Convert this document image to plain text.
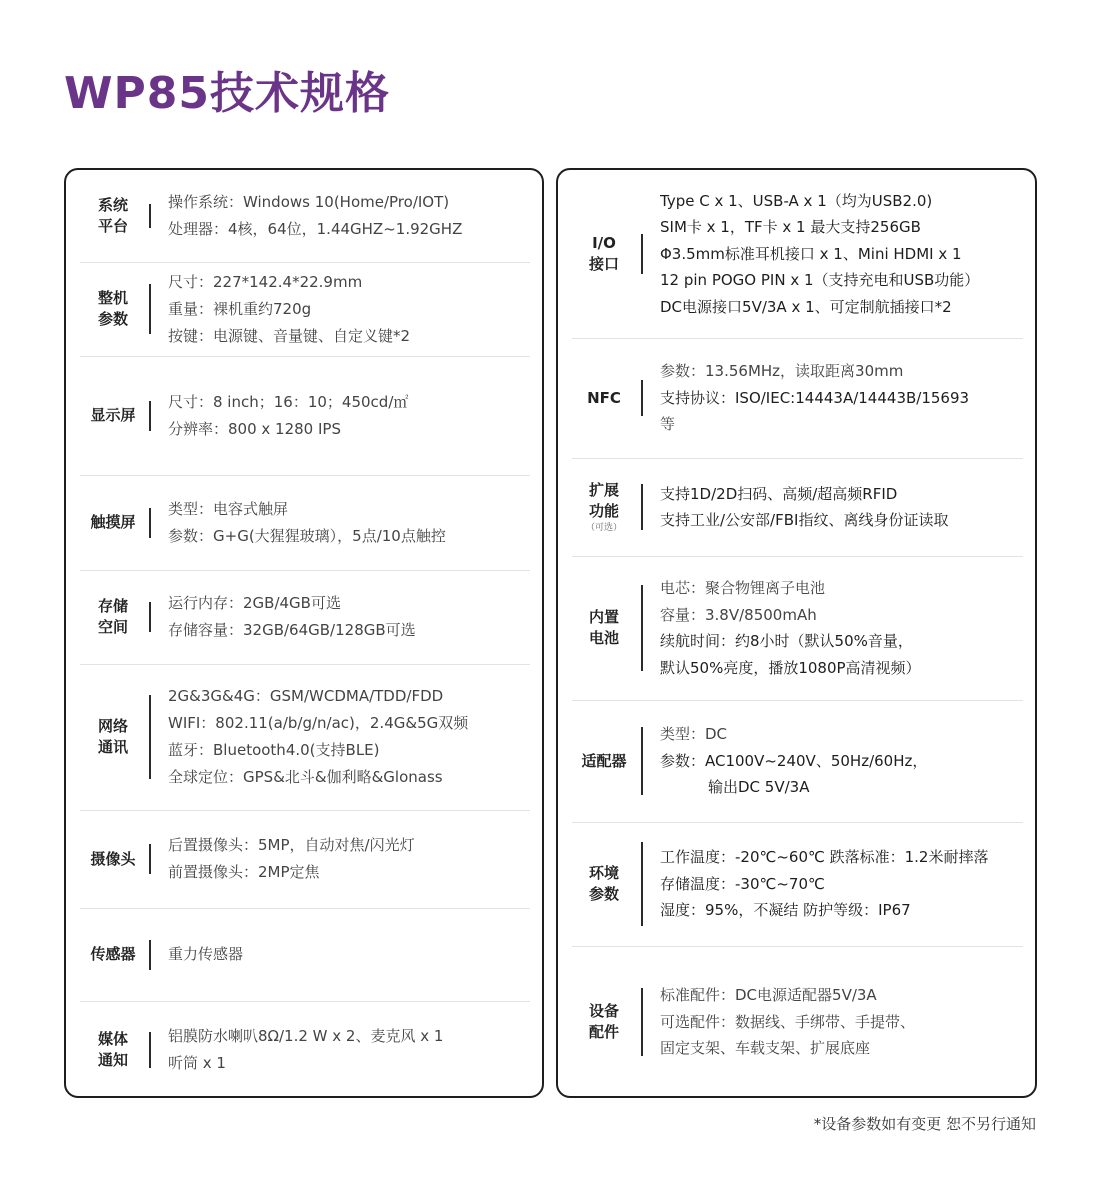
WP85技术规格
系统
平台
操作系统：Windows 10(Home/Pro/IOT)
处理器：4核，64位，1.44GHZ~1.92GHZ
整机
参数
尺寸：227*142.4*22.9mm
重量：裸机重约720g
按键：电源键、音量键、自定义键*2
显示屏
尺寸：8 inch；16：10；450cd/㎡
分辨率：800 x 1280 IPS
触摸屏
类型：电容式触屏
参数：G+G(大猩猩玻璃），5点/10点触控
存储
空间
运行内存：2GB/4GB可选
存储容量：32GB/64GB/128GB可选
网络
通讯
2G&3G&4G：GSM/WCDMA/TDD/FDD
WIFI：802.11(a/b/g/n/ac)，2.4G&5G双频
蓝牙：Bluetooth4.0(支持BLE)
全球定位：GPS&北斗&伽利略&Glonass
摄像头
后置摄像头：5MP，自动对焦/闪光灯
前置摄像头：2MP定焦
传感器 重力传感器
媒体
通知
铝膜防水喇叭8Ω/1.2 W x 2、麦克风 x 1
听筒 x 1
I/O
接口
Type C x 1、USB-A x 1（均为USB2.0)
SIM卡 x 1，TF卡 x 1 最大支持256GB
Φ3.5mm标准耳机接口 x 1、Mini HDMI x 1
12 pin POGO PIN x 1（支持充电和USB功能）
DC电源接口5V/3A x 1、可定制航插接口*2
NFC
参数：13.56MHz，读取距离30mm
支持协议：ISO/IEC:14443A/14443B/15693
等
扩展
功能
（可选）
支持1D/2D扫码、高频/超高频RFID
支持工业/公安部/FBI指纹、离线身份证读取
内置
电池
电芯：聚合物锂离子电池
容量：3.8V/8500mAh
续航时间：约8小时（默认50%音量，
默认50%亮度，播放1080P高清视频）
适配器
类型：DC
参数：AC100V~240V、50Hz/60Hz，
输出DC 5V/3A
环境
参数
工作温度：-20℃~60℃ 跌落标准：1.2米耐摔落
存储温度：-30℃~70℃
湿度：95%，不凝结 防护等级：IP67
设备
配件
标准配件：DC电源适配器5V/3A
可选配件：数据线、手绑带、手提带、
固定支架、车载支架、扩展底座
*设备参数如有变更 恕不另行通知
